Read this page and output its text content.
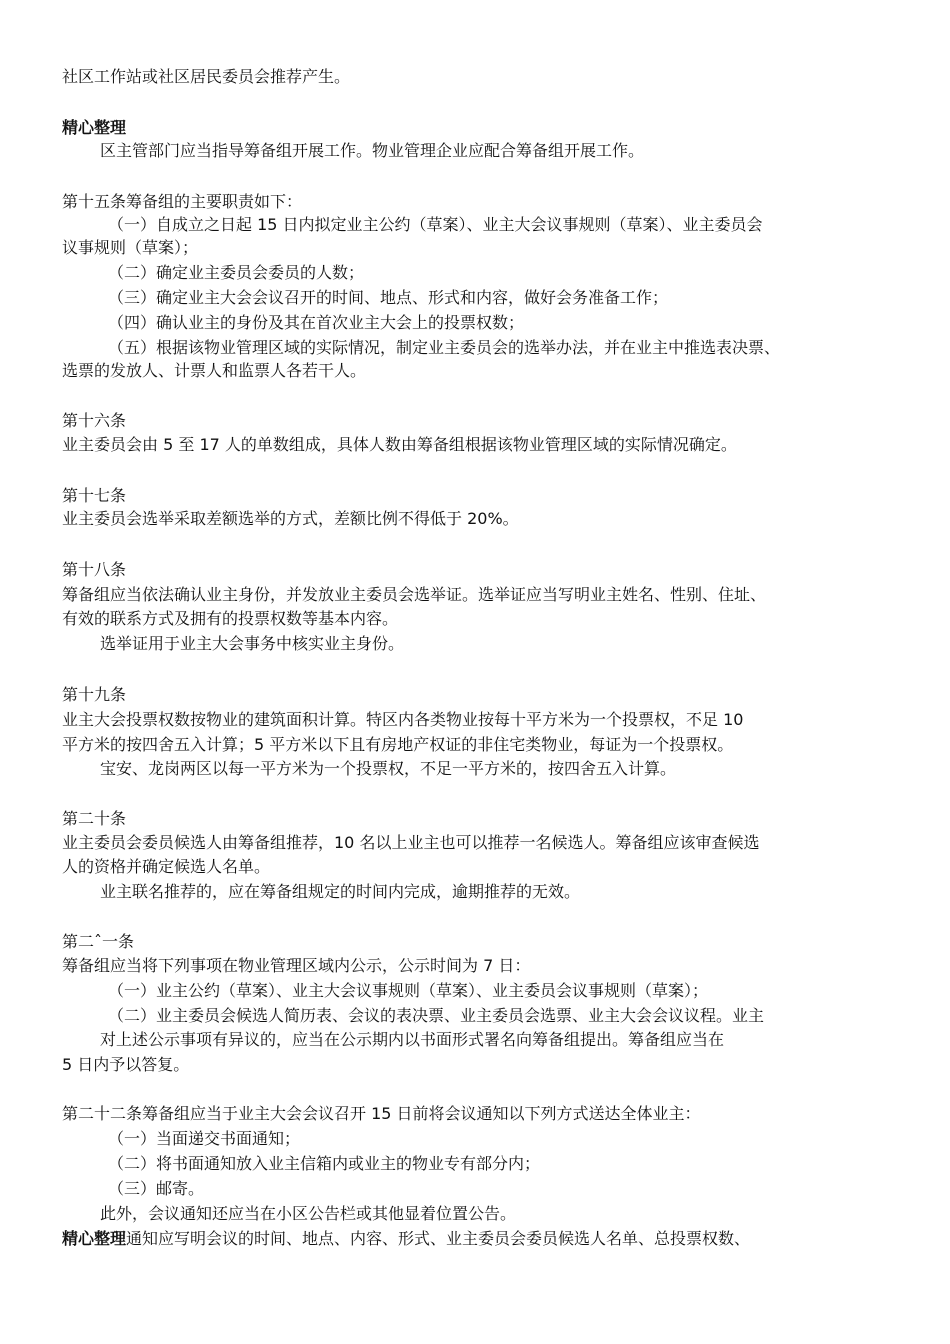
社区工作站或社区居民委员会推荐产生。
精心整理
区主管部门应当指导筹备组开展工作。物业管理企业应配合筹备组开展工作。
第十五条筹备组的主要职责如下：
（一）自成立之日起 15 日内拟定业主公约（草案）、业主大会议事规则（草案）、业主委员会
议事规则（草案）；
（二）确定业主委员会委员的人数；
（三）确定业主大会会议召开的时间、地点、形式和内容，做好会务准备工作；
（四）确认业主的身份及其在首次业主大会上的投票权数；
（五）根据该物业管理区域的实际情况，制定业主委员会的选举办法，并在业主中推选表决票、
选票的发放人、计票人和监票人各若干人。
第十六条
业主委员会由 5 至 17 人的单数组成，具体人数由筹备组根据该物业管理区域的实际情况确定。
第十七条
业主委员会选举采取差额选举的方式，差额比例不得低于 20%。
第十八条
筹备组应当依法确认业主身份，并发放业主委员会选举证。选举证应当写明业主姓名、性别、住址、
有效的联系方式及拥有的投票权数等基本内容。
选举证用于业主大会事务中核实业主身份。
第十九条
业主大会投票权数按物业的建筑面积计算。特区内各类物业按每十平方米为一个投票权，不足 10
平方米的按四舍五入计算；5 平方米以下且有房地产权证的非住宅类物业，每证为一个投票权。
宝安、龙岗两区以每一平方米为一个投票权，不足一平方米的，按四舍五入计算。
第二十条
业主委员会委员候选人由筹备组推荐，10 名以上业主也可以推荐一名候选人。筹备组应该审查候选
人的资格并确定候选人名单。
业主联名推荐的，应在筹备组规定的时间内完成，逾期推荐的无效。
第二ˆ一条
筹备组应当将下列事项在物业管理区域内公示，公示时间为 7 日：
（一）业主公约（草案）、业主大会议事规则（草案）、业主委员会议事规则（草案）；
（二）业主委员会候选人简历表、会议的表决票、业主委员会选票、业主大会会议议程。业主
对上述公示事项有异议的，应当在公示期内以书面形式署名向筹备组提出。筹备组应当在
5 日内予以答复。
第二十二条筹备组应当于业主大会会议召开 15 日前将会议通知以下列方式送达全体业主：
（一）当面递交书面通知；
（二）将书面通知放入业主信箱内或业主的物业专有部分内；
（三）邮寄。
此外，会议通知还应当在小区公告栏或其他显着位置公告。
精心整理通知应写明会议的时间、地点、内容、形式、业主委员会委员候选人名单、总投票权数、
